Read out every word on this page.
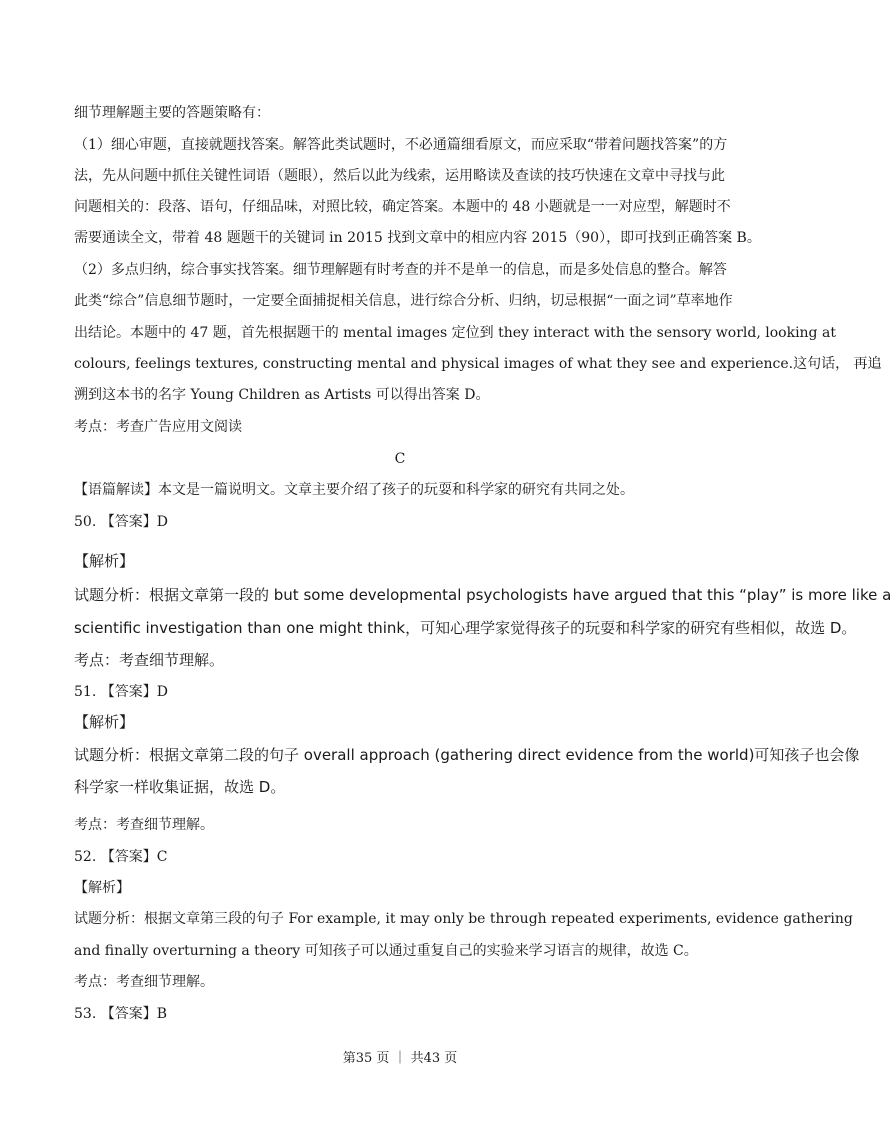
细节理解题主要的答题策略有：
（1）细心审题，直接就题找答案。解答此类试题时，不必通篇细看原文，而应采取“带着问题找答案”的方
法，先从问题中抓住关键性词语（题眼），然后以此为线索，运用略读及查读的技巧快速在文章中寻找与此
问题相关的：段落、语句，仔细品味，对照比较，确定答案。本题中的 48 小题就是一一对应型，解题时不
需要通读全文，带着 48 题题干的关键词 in 2015 找到文章中的相应内容 2015（90），即可找到正确答案 B。
（2）多点归纳，综合事实找答案。细节理解题有时考查的并不是单一的信息，而是多处信息的整合。解答
此类“综合”信息细节题时，一定要全面捕捉相关信息，进行综合分析、归纳，切忌根据“一面之词”草率地作
出结论。本题中的 47 题，首先根据题干的 mental images 定位到 they interact with the sensory world, looking at
colours, feelings textures, constructing mental and physical images of what they see and experience.这句话， 再追
溯到这本书的名字 Young Children as Artists 可以得出答案 D。
考点：考查广告应用文阅读
C
【语篇解读】本文是一篇说明文。文章主要介绍了孩子的玩耍和科学家的研究有共同之处。
50. 【答案】D
【解析】
试题分析：根据文章第一段的 but some developmental psychologists have argued that this “play” is more like a
scientific investigation than one might think，可知心理学家觉得孩子的玩耍和科学家的研究有些相似，故选 D。
考点：考查细节理解。
51. 【答案】D
【解析】
试题分析：根据文章第二段的句子 overall approach (gathering direct evidence from the world)可知孩子也会像
科学家一样收集证据，故选 D。
考点：考查细节理解。
52. 【答案】C
【解析】
试题分析：根据文章第三段的句子 For example, it may only be through repeated experiments, evidence gathering
and finally overturning a theory 可知孩子可以通过重复自己的实验来学习语言的规律，故选 C。
考点：考查细节理解。
53. 【答案】B
第35 页 ｜ 共43 页
